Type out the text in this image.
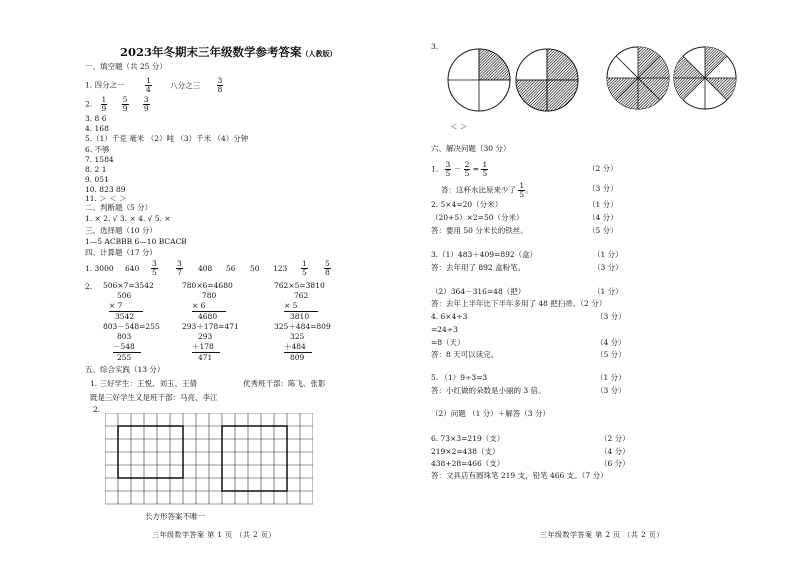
2023年冬期末三年级数学参考答案（人教版）
一、填空题（共 25 分）
1. 四分之一	$\frac{1}{4}$ 八分之三 $\frac{3}{8}$
2. $\frac{1}{9}$
$\frac{5}{9}$
$\frac{3}{9}$
3. 8 6
4. 168
5.（1）千克 毫米 （2）吨 （3）千米 （4）分钟
6. 不够
7. 1584
8. 2 1
9. 051
10. 823 89
11. ＞ ＜ ＞
二、判断题（5 分）
1. × 2. √ 3. × 4. √ 5. ×
三、选择题（10 分）
1—5 ACBBB 6—10 BCACB
四、计算题（17 分）
1. 3000 $640 \frac{3}{5} \frac{3}{7} 408$ 56 50 $123 \frac{1}{5} \frac{5}{8}$
2. 506×7=3542
506
× 7
3542
803－548=255
803
－548
255
780×6=4680
780
× 6
4680
293＋178=471
293
＋178
471
762×5=3810
762
× 5
3810
325＋484=809
325
＋484
809
五、综合实践（13 分）
1. 三好学生：王悦、刘玉、王倩	优秀班干部：陈飞、张影
既是三好学生又是班干部：马亮、李江
2.
长方形答案不唯一
三年级数学答案 第 1 页 （共 2 页）
3.
＜ ＞
六、解决问题（30 分）
1. $\frac{3}{5} - \frac{2}{5} = \frac{1}{5}$	（2 分）
答：这杯水比原来少了 $\frac{1}{5}$ 。	（3 分）
2. 5×4=20（分米）	（1 分）
（20+5）×2=50（分米）	（4 分）
答：要用 50 分米长的铁丝。	（5 分）
3.（1）483＋409=892（盒）	（1 分）
答：去年用了 892 盒粉笔。	（3 分）
（2）364－316=48（把）	（1 分）
答：去年上半年比下半年多用了 48 把扫帚。（2 分）
4. 6×4÷3	（3 分）
=24÷3
=8（天）	（4 分）
答：8 天可以读完。	（5 分）
5. （1）9÷3=3	（1 分）
答：小红做的朵数是小丽的 3 倍。	（3 分）
（2）问题 （1 分）＋解答（3 分）
6. 73×3=219（支）	（2 分）
219×2=438（支）	（4 分）
438+28=466（支）	（6 分）
答：文具店有圆珠笔 219 支，铅笔 466 支。（7 分）
三年级数学答案 第 2 页 （共 2 页）
